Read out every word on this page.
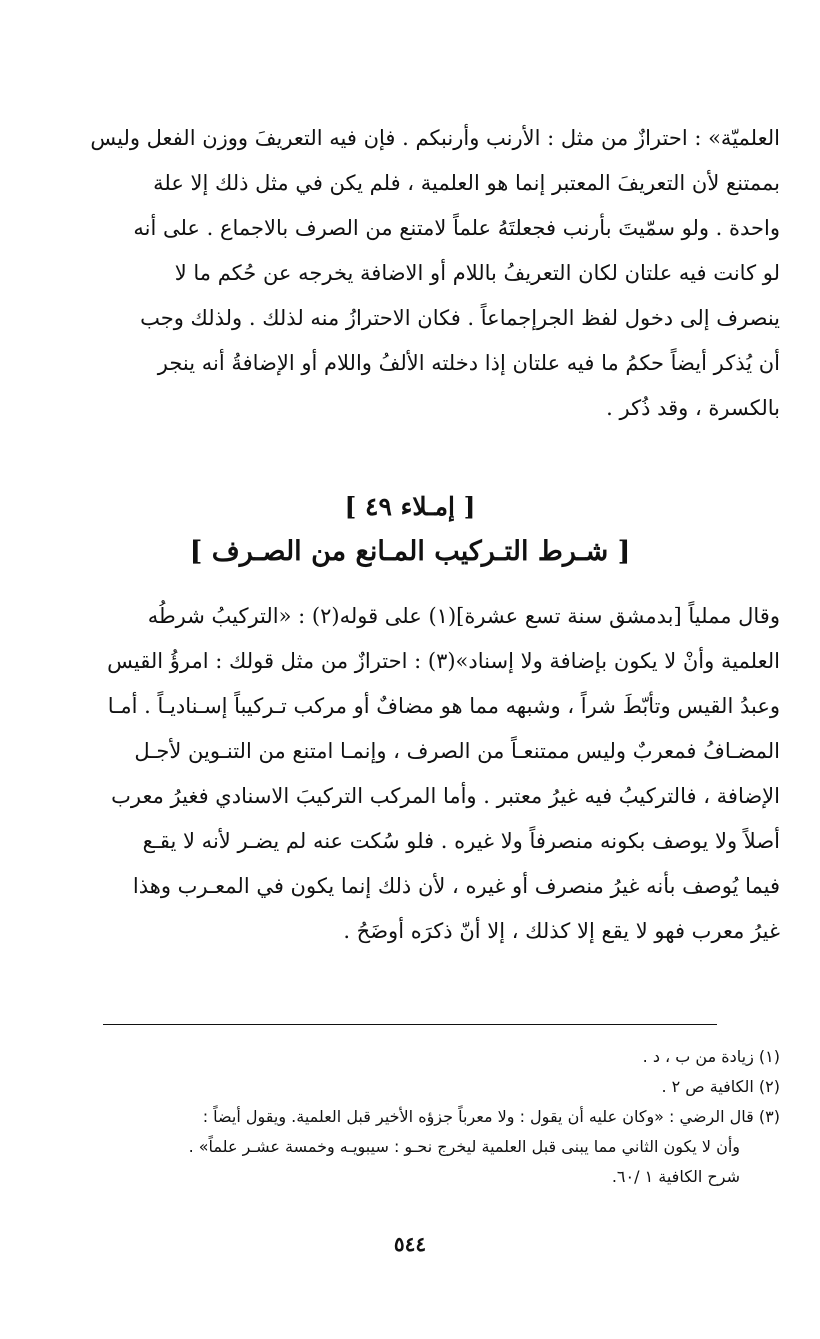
العلميّة» : احترازٌ من مثل : الأرنب وأرنبكم . فإن فيه التعريفَ ووزن الفعل وليس

بممتنع لأن التعريفَ المعتبر إنما هو العلمية ، فلم يكن في مثل ذلك إلا علة

واحدة . ولو سمّيتَ بأرنب فجعلتَهُ علماً لامتنع من الصرف بالاجماع . على أنه

لو كانت فيه علتان لكان التعريفُ باللام أو الاضافة يخرجه عن حُكم ما لا

ينصرف إلى دخول لفظ الجرإجماعاً . فكان الاحترازُ منه لذلك . ولذلك وجب

أن يُذكر أيضاً حكمُ ما فيه علتان إذا دخلته الألفُ واللام أو الإضافةُ أنه ينجر

بالكسرة ، وقد ذُكر .

[ إمـلاء ٤٩ ]
[ شـرط التـركيب المـانع من الصـرف ]

وقال مملياً [بدمشق سنة تسع عشرة](١) على قوله(٢) : «التركيبُ شرطُه

العلمية وأنْ لا يكون بإضافة ولا إسناد»(٣) : احترازٌ من مثل قولك : امرؤُ القيس

وعبدُ القيس وتأبّطَ شراً ، وشبهه مما هو مضافٌ أو مركب تـركيباً إسـناديـاً . أمـا

المضـافُ فمعربٌ وليس ممتنعـاً من الصرف ، وإنمـا امتنع من التنـوين لأجـل

الإضافة ، فالتركيبُ فيه غيرُ معتبر . وأما المركب التركيبَ الاسنادي فغيرُ معرب

أصلاً ولا يوصف بكونه منصرفاً ولا غيره . فلو سُكت عنه لم يضـر لأنه لا يقـع

فيما يُوصف بأنه غيرُ منصرف أو غيره ، لأن ذلك إنما يكون في المعـرب وهذا

غيرُ معرب فهو لا يقع إلا كذلك ، إلا أنّ ذكرَه أوضَحُ .

(١) زيادة من ب ، د .

(٢) الكافية ص ٢ .

(٣) قال الرضي : «وكان عليه أن يقول : ولا معرباً جزؤه الأخير قبل العلمية. ويقول أيضاً :

وأن لا يكون الثاني مما يبنى قبل العلمية ليخرج نحـو : سيبويـه وخمسة عشـر علماً» .

شرح الكافية ١ /٦٠.

٥٤٤
